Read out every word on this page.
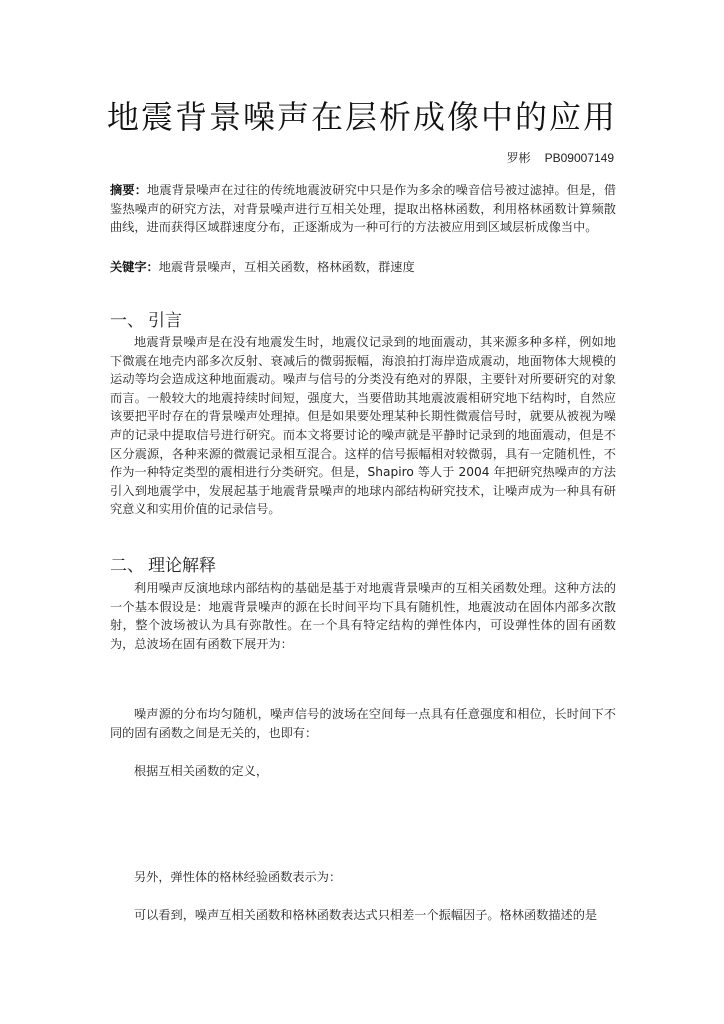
地震背景噪声在层析成像中的应用
罗彬 PB09007149
摘要：地震背景噪声在过往的传统地震波研究中只是作为多余的噪音信号被过滤掉。但是，借鉴热噪声的研究方法，对背景噪声进行互相关处理，提取出格林函数，利用格林函数计算频散曲线，进而获得区域群速度分布，正逐渐成为一种可行的方法被应用到区域层析成像当中。
关键字：地震背景噪声，互相关函数，格林函数，群速度
一、 引言
地震背景噪声是在没有地震发生时，地震仪记录到的地面震动，其来源多种多样，例如地下微震在地壳内部多次反射、衰减后的微弱振幅，海浪拍打海岸造成震动，地面物体大规模的运动等均会造成这种地面震动。噪声与信号的分类没有绝对的界限，主要针对所要研究的对象而言。一般较大的地震持续时间短，强度大，当要借助其地震波震相研究地下结构时，自然应该要把平时存在的背景噪声处理掉。但是如果要处理某种长期性微震信号时，就要从被视为噪声的记录中提取信号进行研究。而本文将要讨论的噪声就是平静时记录到的地面震动，但是不区分震源，各种来源的微震记录相互混合。这样的信号振幅相对较微弱，具有一定随机性，不作为一种特定类型的震相进行分类研究。但是，Shapiro 等人于 2004 年把研究热噪声的方法引入到地震学中，发展起基于地震背景噪声的地球内部结构研究技术，让噪声成为一种具有研究意义和实用价值的记录信号。
二、 理论解释
利用噪声反演地球内部结构的基础是基于对地震背景噪声的互相关函数处理。这种方法的一个基本假设是：地震背景噪声的源在长时间平均下具有随机性，地震波动在固体内部多次散射，整个波场被认为具有弥散性。在一个具有特定结构的弹性体内，可设弹性体的固有函数为，总波场在固有函数下展开为：
噪声源的分布均匀随机，噪声信号的波场在空间每一点具有任意强度和相位，长时间下不同的固有函数之间是无关的，也即有：
根据互相关函数的定义，
另外，弹性体的格林经验函数表示为：
可以看到，噪声互相关函数和格林函数表达式只相差一个振幅因子。格林函数描述的是
